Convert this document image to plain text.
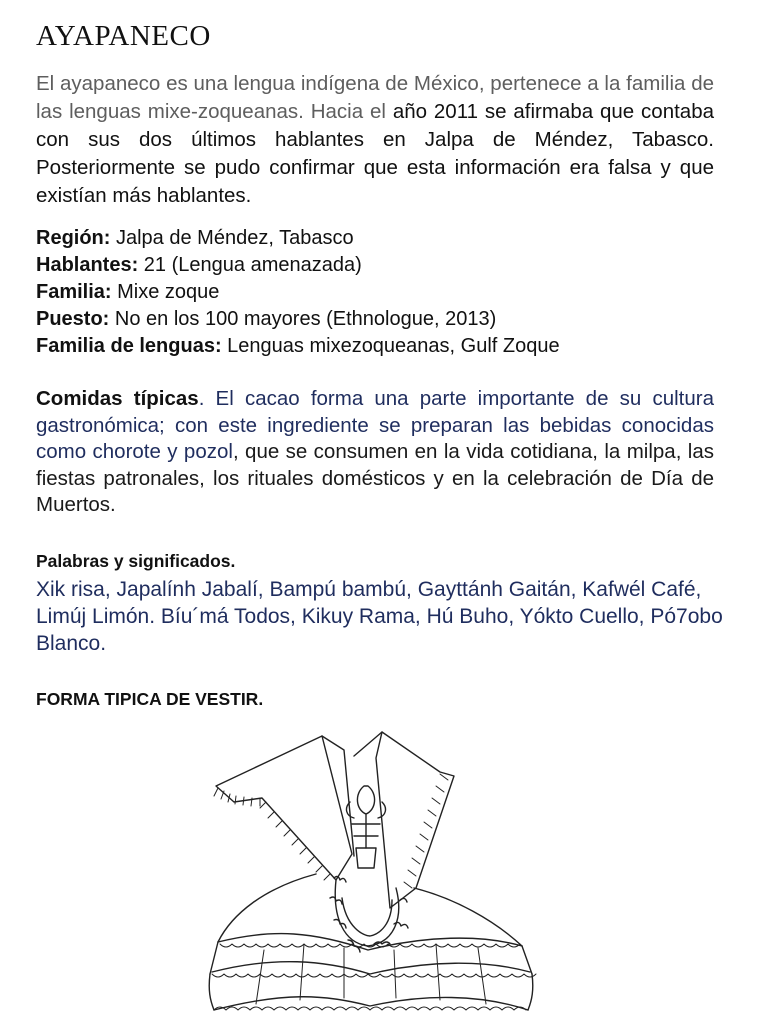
AYAPANECO

El ayapaneco es una lengua indígena de México, pertenece a la familia de las lenguas mixe-zoqueanas. Hacia el año 2011 se afirmaba que contaba con sus dos últimos hablantes en Jalpa de Méndez, Tabasco. Posteriormente se pudo confirmar que esta información era falsa y que existían más hablantes.

Región: Jalpa de Méndez, Tabasco
Hablantes: 21 (Lengua amenazada)
Familia: Mixe zoque
Puesto: No en los 100 mayores (Ethnologue, 2013)
Familia de lenguas: Lenguas mixezoqueanas, Gulf Zoque

Comidas típicas. El cacao forma una parte importante de su cultura gastronómica; con este ingrediente se preparan las bebidas conocidas como chorote y pozol, que se consumen en la vida cotidiana, la milpa, las fiestas patronales, los rituales domésticos y en la celebración de Día de Muertos.

Palabras y significados.

Xik risa, Japalính Jabalí, Bampú bambú, Gayttánh Gaitán, Kafwél Café, Limúj Limón. Bíu´má Todos, Kikuy Rama, Hú Buho, Yókto Cuello, Pó7obo Blanco.

FORMA TIPICA DE VESTIR.
